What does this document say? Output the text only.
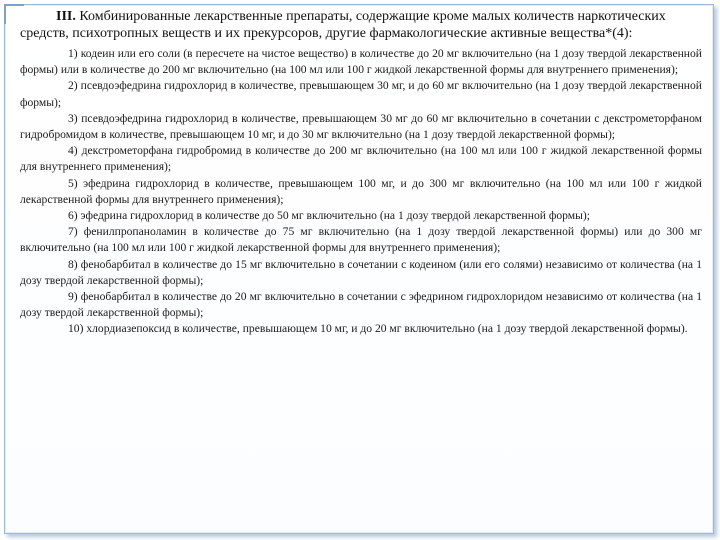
III. Комбинированные лекарственные препараты, содержащие кроме малых количеств наркотических средств, психотропных веществ и их прекурсоров, другие фармакологические активные вещества*(4):

1) кодеин или его соли (в пересчете на чистое вещество) в количестве до 20 мг включительно (на 1 дозу твердой лекарственной формы) или в количестве до 200 мг включительно (на 100 мл или 100 г жидкой лекарственной формы для внутреннего применения);

2) псевдоэфедрина гидрохлорид в количестве, превышающем 30 мг, и до 60 мг включительно (на 1 дозу твердой лекарственной формы);

3) псевдоэфедрина гидрохлорид в количестве, превышающем 30 мг до 60 мг включительно в сочетании с декстрометорфаном гидробромидом в количестве, превышающем 10 мг, и до 30 мг включительно (на 1 дозу твердой лекарственной формы);

4) декстрометорфана гидробромид в количестве до 200 мг включительно (на 100 мл или 100 г жидкой лекарственной формы для внутреннего применения);

5) эфедрина гидрохлорид в количестве, превышающем 100 мг, и до 300 мг включительно (на 100 мл или 100 г жидкой лекарственной формы для внутреннего применения);

6) эфедрина гидрохлорид в количестве до 50 мг включительно (на 1 дозу твердой лекарственной формы);

7) фенилпропаноламин в количестве до 75 мг включительно (на 1 дозу твердой лекарственной формы) или до 300 мг включительно (на 100 мл или 100 г жидкой лекарственной формы для внутреннего применения);

8) фенобарбитал в количестве до 15 мг включительно в сочетании с кодеином (или его солями) независимо от количества (на 1 дозу твердой лекарственной формы);

9) фенобарбитал в количестве до 20 мг включительно в сочетании с эфедрином гидрохлоридом независимо от количества (на 1 дозу твердой лекарственной формы);

10) хлордиазепоксид в количестве, превышающем 10 мг, и до 20 мг включительно (на 1 дозу твердой лекарственной формы).
